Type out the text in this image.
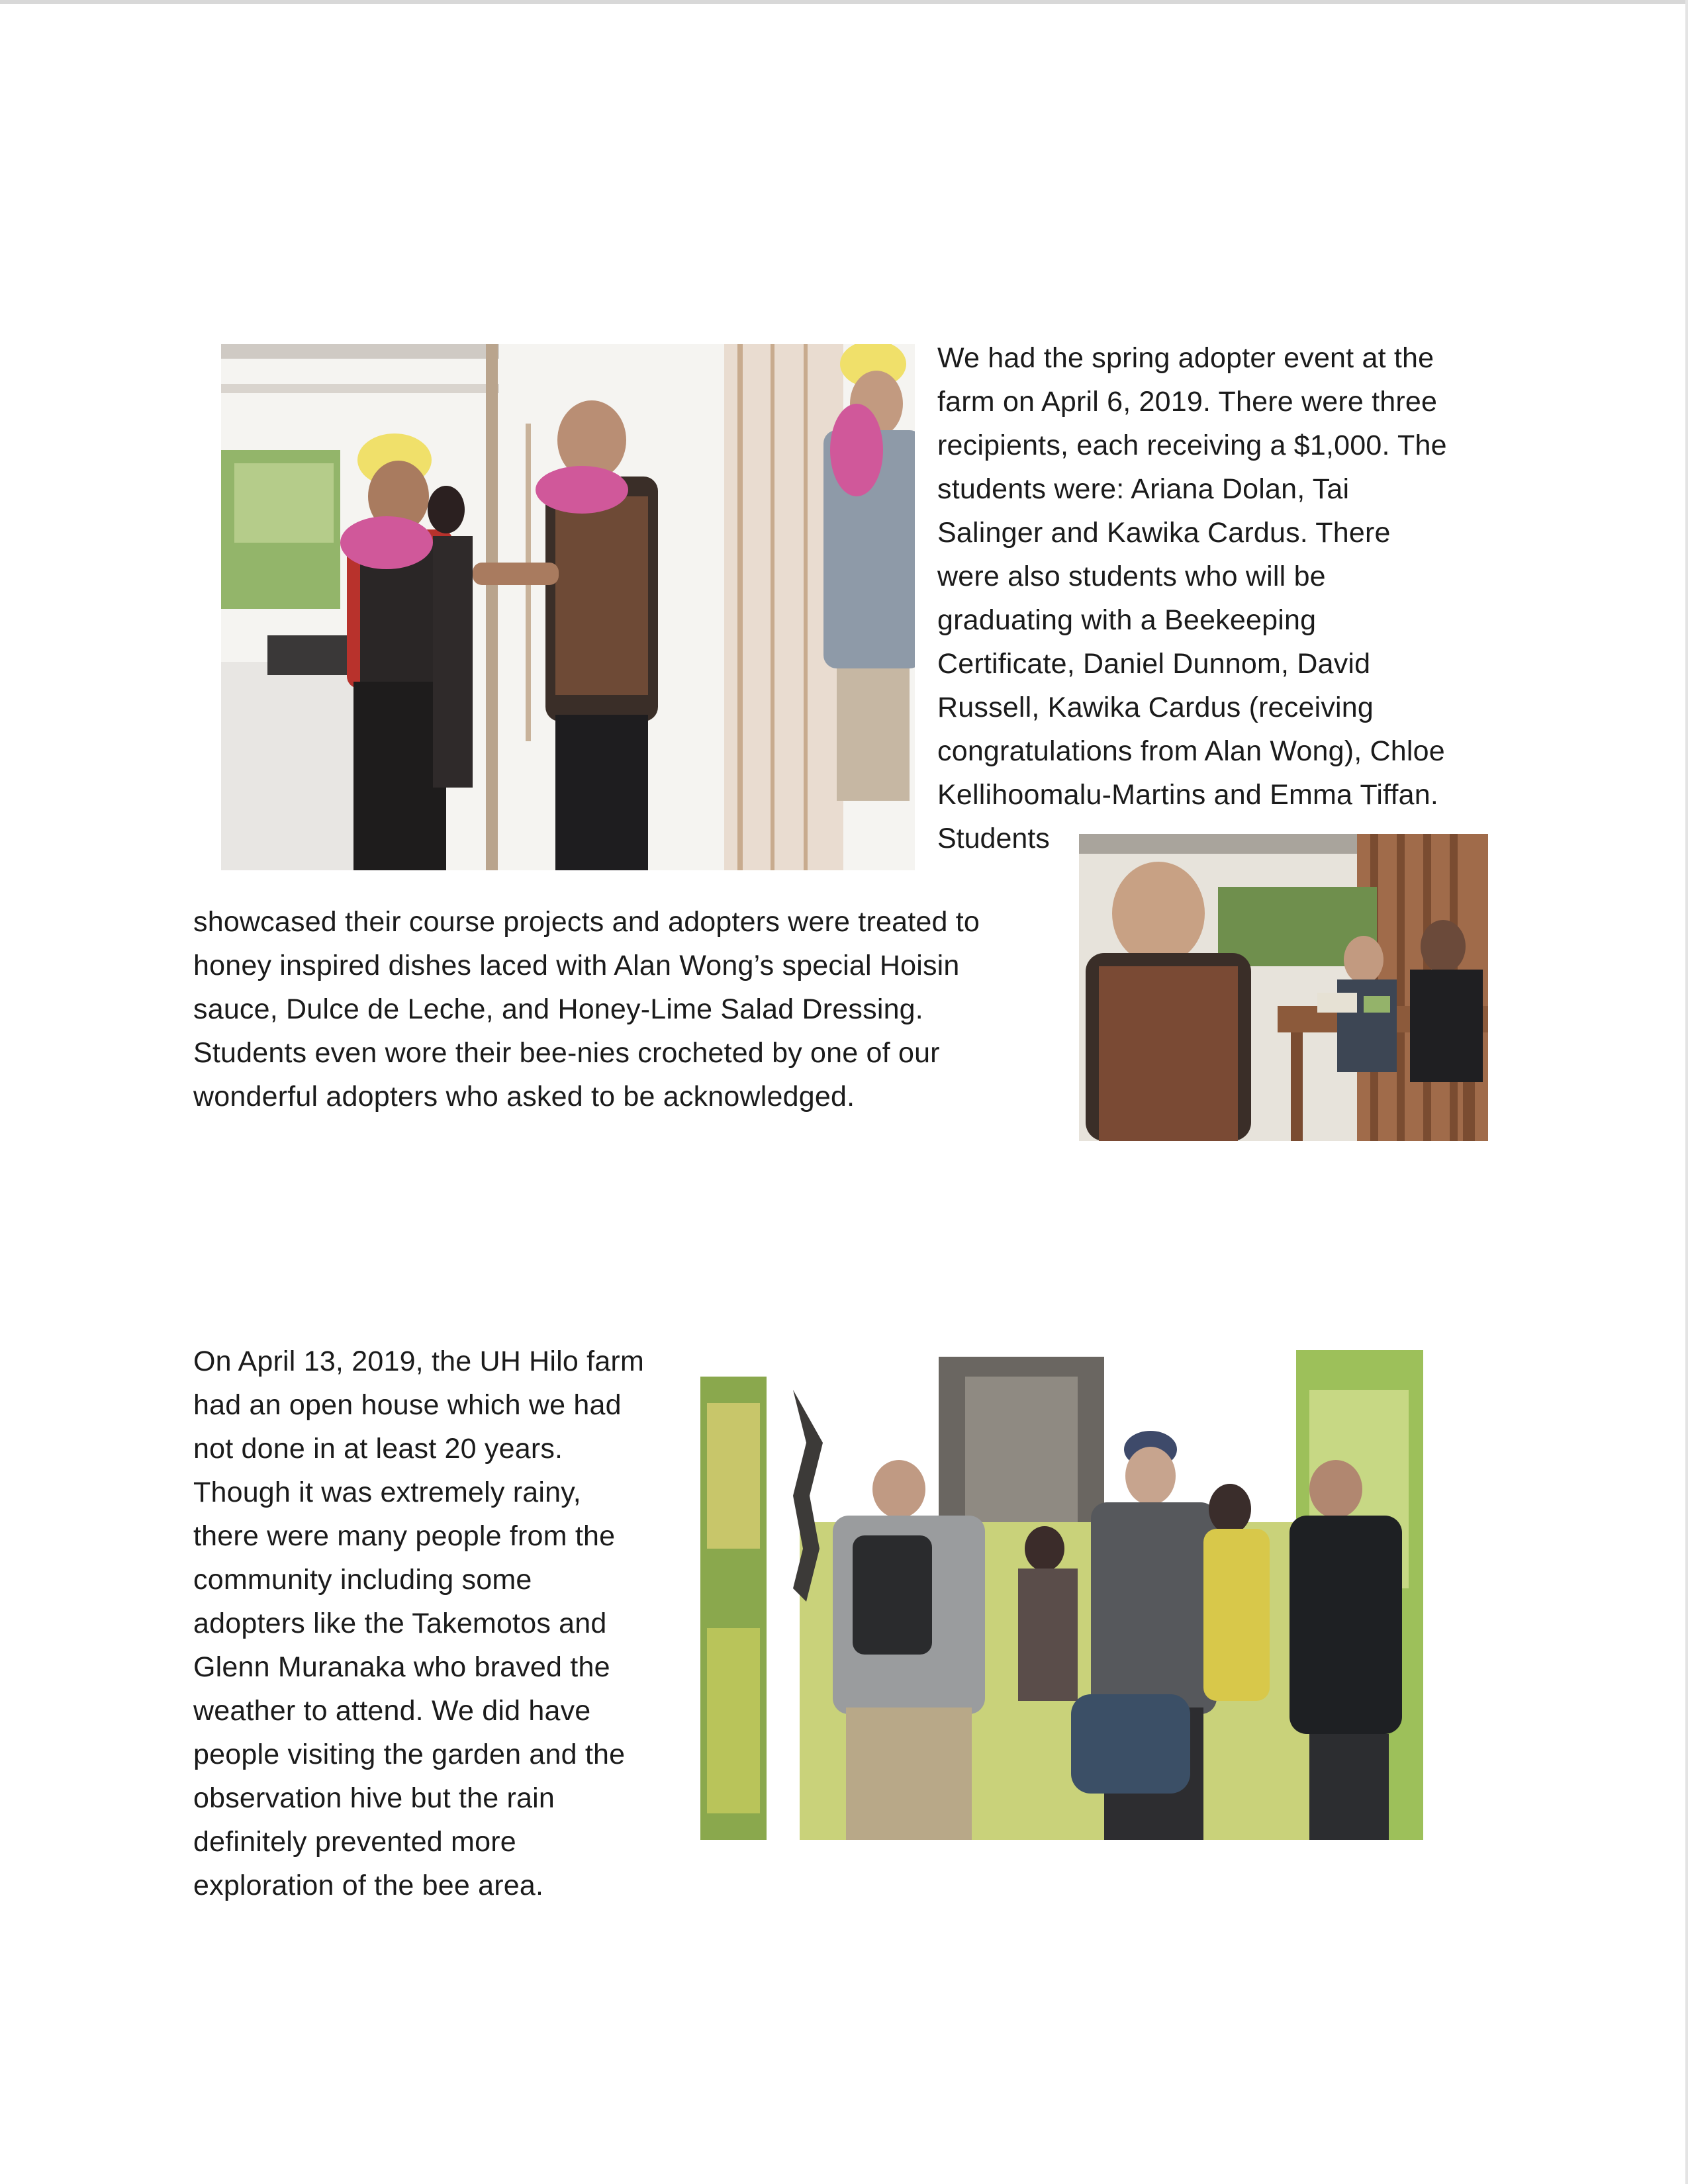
We had the spring adopter event at the
farm on April 6, 2019. There were three
recipients, each receiving a $1,000. The
students were: Ariana Dolan, Tai
Salinger and Kawika Cardus. There
were also students who will be
graduating with a Beekeeping
Certificate, Daniel Dunnom, David
Russell, Kawika Cardus (receiving
congratulations from Alan Wong), Chloe
Kellihoomalu-Martins and Emma Tiffan.

Students

showcased their course projects and adopters were treated to
honey inspired dishes laced with Alan Wong’s special Hoisin
sauce, Dulce de Leche, and Honey-Lime Salad Dressing.
Students even wore their bee-nies crocheted by one of our
wonderful adopters who asked to be acknowledged.

On April 13, 2019, the UH Hilo farm
had an open house which we had
not done in at least 20 years.
Though it was extremely rainy,
there were many people from the
community including some
adopters like the Takemotos and
Glenn Muranaka who braved the
weather to attend. We did have
people visiting the garden and the
observation hive but the rain
definitely prevented more
exploration of the bee area.
